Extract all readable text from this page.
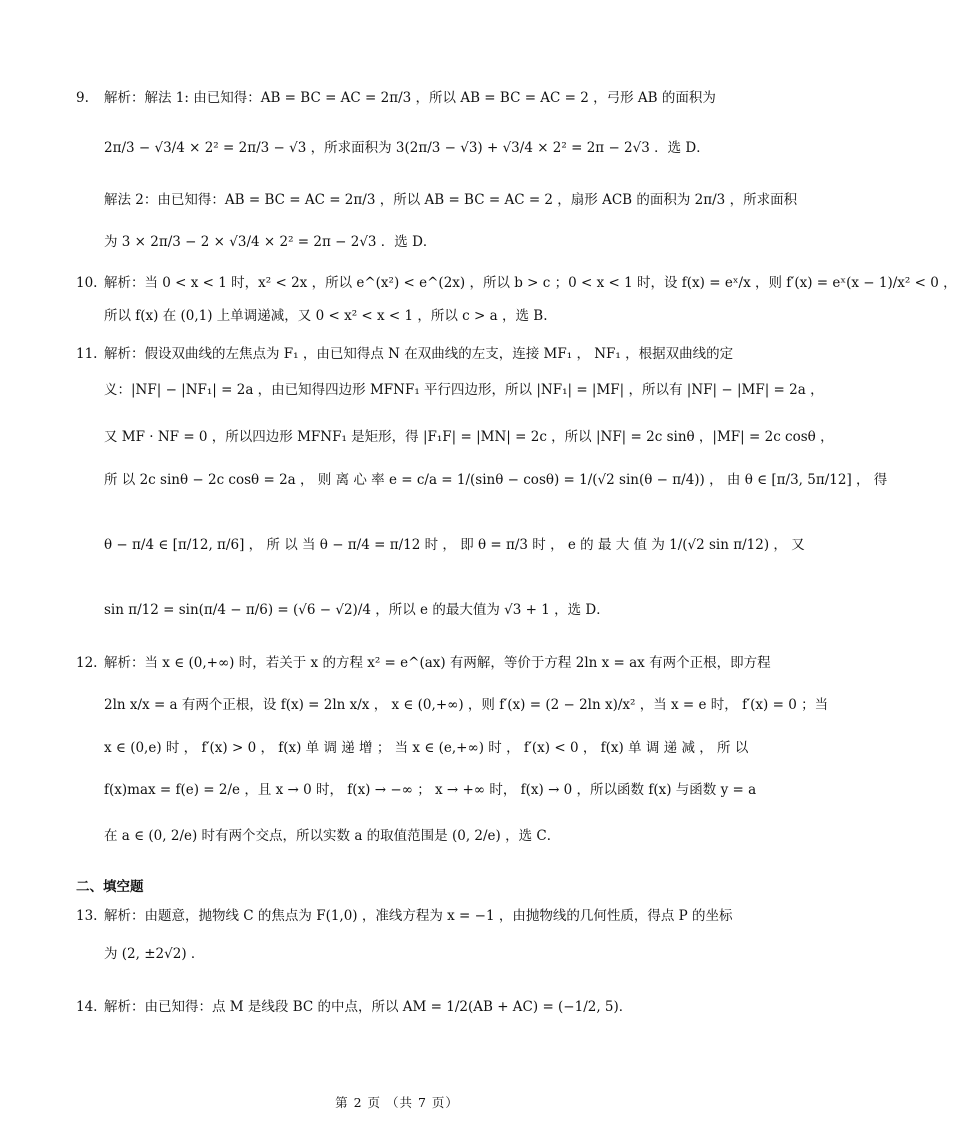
9. 解析：解法 1: 由已知得：AB = BC = AC = 2π/3 ，所以 AB = BC = AC = 2 ，弓形 AB 的面积为
2π/3 − √3/4 × 2² = 2π/3 − √3 ，所求面积为 3(2π/3 − √3) + √3/4 × 2² = 2π − 2√3 ．选 D．
解法 2：由已知得：AB = BC = AC = 2π/3 ，所以 AB = BC = AC = 2 ，扇形 ACB 的面积为 2π/3 ，所求面积
为 3 × 2π/3 − 2 × √3/4 × 2² = 2π − 2√3 ．选 D．
10. 解析：当 0 < x < 1 时，x² < 2x ，所以 e^(x²) < e^(2x) ，所以 b > c ；0 < x < 1 时，设 f(x) = eˣ/x ，则 f′(x) = eˣ(x − 1)/x² < 0 ，
所以 f(x) 在 (0,1) 上单调递减，又 0 < x² < x < 1 ，所以 c > a ，选 B.
11. 解析：假设双曲线的左焦点为 F₁ ，由已知得点 N 在双曲线的左支，连接 MF₁ ， NF₁ ，根据双曲线的定
义：|NF| − |NF₁| = 2a ，由已知得四边形 MFNF₁ 平行四边形，所以 |NF₁| = |MF| ，所以有 |NF| − |MF| = 2a ，
又 MF · NF = 0 ，所以四边形 MFNF₁ 是矩形，得 |F₁F| = |MN| = 2c ，所以 |NF| = 2c sinθ ，|MF| = 2c cosθ ，
所 以 2c sinθ − 2c cosθ = 2a ， 则 离 心 率 e = c/a = 1/(sinθ − cosθ) = 1/(√2 sin(θ − π/4)) ， 由 θ ∈ [π/3, 5π/12] ， 得
θ − π/4 ∈ [π/12, π/6] ， 所 以 当 θ − π/4 = π/12 时 ， 即 θ = π/3 时 ， e 的 最 大 值 为 1/(√2 sin π/12) ， 又
sin π/12 = sin(π/4 − π/6) = (√6 − √2)/4 ，所以 e 的最大值为 √3 + 1 ，选 D．
12. 解析：当 x ∈ (0,+∞) 时，若关于 x 的方程 x² = e^(ax) 有两解，等价于方程 2ln x = ax 有两个正根，即方程
2ln x/x = a 有两个正根，设 f(x) = 2ln x/x ， x ∈ (0,+∞) ，则 f′(x) = (2 − 2ln x)/x² ，当 x = e 时， f′(x) = 0 ；当
x ∈ (0,e) 时 ， f′(x) > 0 ， f(x) 单 调 递 增 ； 当 x ∈ (e,+∞) 时 ， f′(x) < 0 ， f(x) 单 调 递 减 ， 所 以
f(x)max = f(e) = 2/e ，且 x → 0 时， f(x) → −∞ ； x → +∞ 时， f(x) → 0 ，所以函数 f(x) 与函数 y = a
在 a ∈ (0, 2/e) 时有两个交点，所以实数 a 的取值范围是 (0, 2/e) ，选 C．
二、填空题
13. 解析：由题意，抛物线 C 的焦点为 F(1,0) ，准线方程为 x = −1 ，由抛物线的几何性质，得点 P 的坐标
为 (2, ±2√2) ．
14. 解析：由已知得：点 M 是线段 BC 的中点，所以 AM = 1/2(AB + AC) = (−1/2, 5)．
第 2 页 （共 7 页）
